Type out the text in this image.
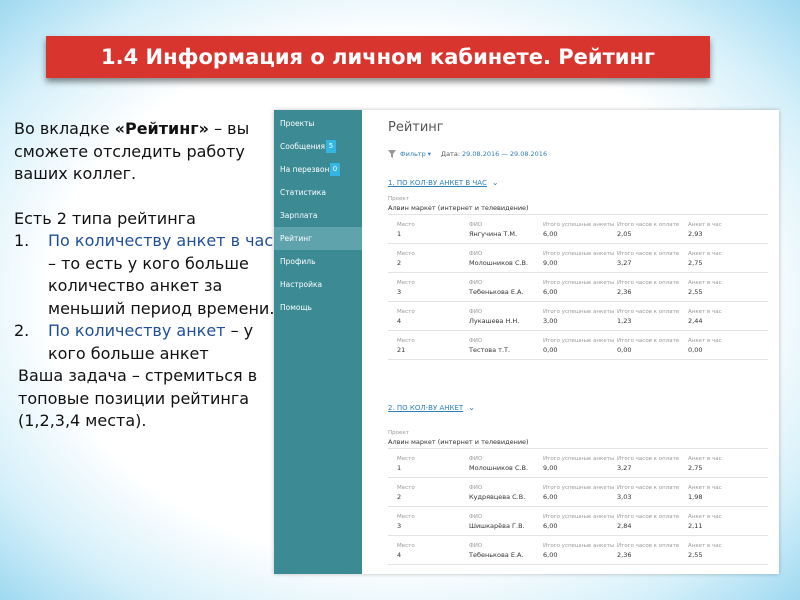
1.4 Информация о личном кабинете. Рейтинг
Во вкладке «Рейтинг» – вы сможете отследить работу ваших коллег.
Есть 2 типа рейтинга
1.	По количеству анкет в час – то есть у кого больше количество анкет за меньший период времени.
2.	По количеству анкет – у кого больше анкет
Ваша задача – стремиться в топовые позиции рейтинга (1,2,3,4 места).
Проекты
Сообщения 5
На перезвон 0
Статистика
Зарплата
Рейтинг
Профиль
Настройка
Помощь
Рейтинг
Фильтр ▾ Дата: 29.08.2016 — 29.08.2016
1. ПО КОЛ-ВУ АНКЕТ В ЧАС ⌄
Проект
Алвин маркет (интернет и телевидение)
Место
1
ФИО
Янгучина Т.М.
Итого успешные анкеты
6,00
Итого часов к оплате
2,05
Анкет в час
2,93
Место
2
ФИО
Молошников С.В.
Итого успешные анкеты
9,00
Итого часов к оплате
3,27
Анкет в час
2,75
Место
3
ФИО
Тебенькова Е.А.
Итого успешные анкеты
6,00
Итого часов к оплате
2,36
Анкет в час
2,55
Место
4
ФИО
Лукашева Н.Н.
Итого успешные анкеты
3,00
Итого часов к оплате
1,23
Анкет в час
2,44
Место
21
ФИО
Тестова т.Т.
Итого успешные анкеты
0,00
Итого часов к оплате
0,00
Анкет в час
0,00
2. ПО КОЛ-ВУ АНКЕТ ⌄
Проект
Алвин маркет (интернет и телевидение)
Место
1
ФИО
Молошников С.В.
Итого успешные анкеты
9,00
Итого часов к оплате
3,27
Анкет в час
2,75
Место
2
ФИО
Кудрявцева С.В.
Итого успешные анкеты
6,00
Итого часов к оплате
3,03
Анкет в час
1,98
Место
3
ФИО
Шишкарёва Г.В.
Итого успешные анкеты
6,00
Итого часов к оплате
2,84
Анкет в час
2,11
Место
4
ФИО
Тебенькова Е.А.
Итого успешные анкеты
6,00
Итого часов к оплате
2,36
Анкет в час
2,55
